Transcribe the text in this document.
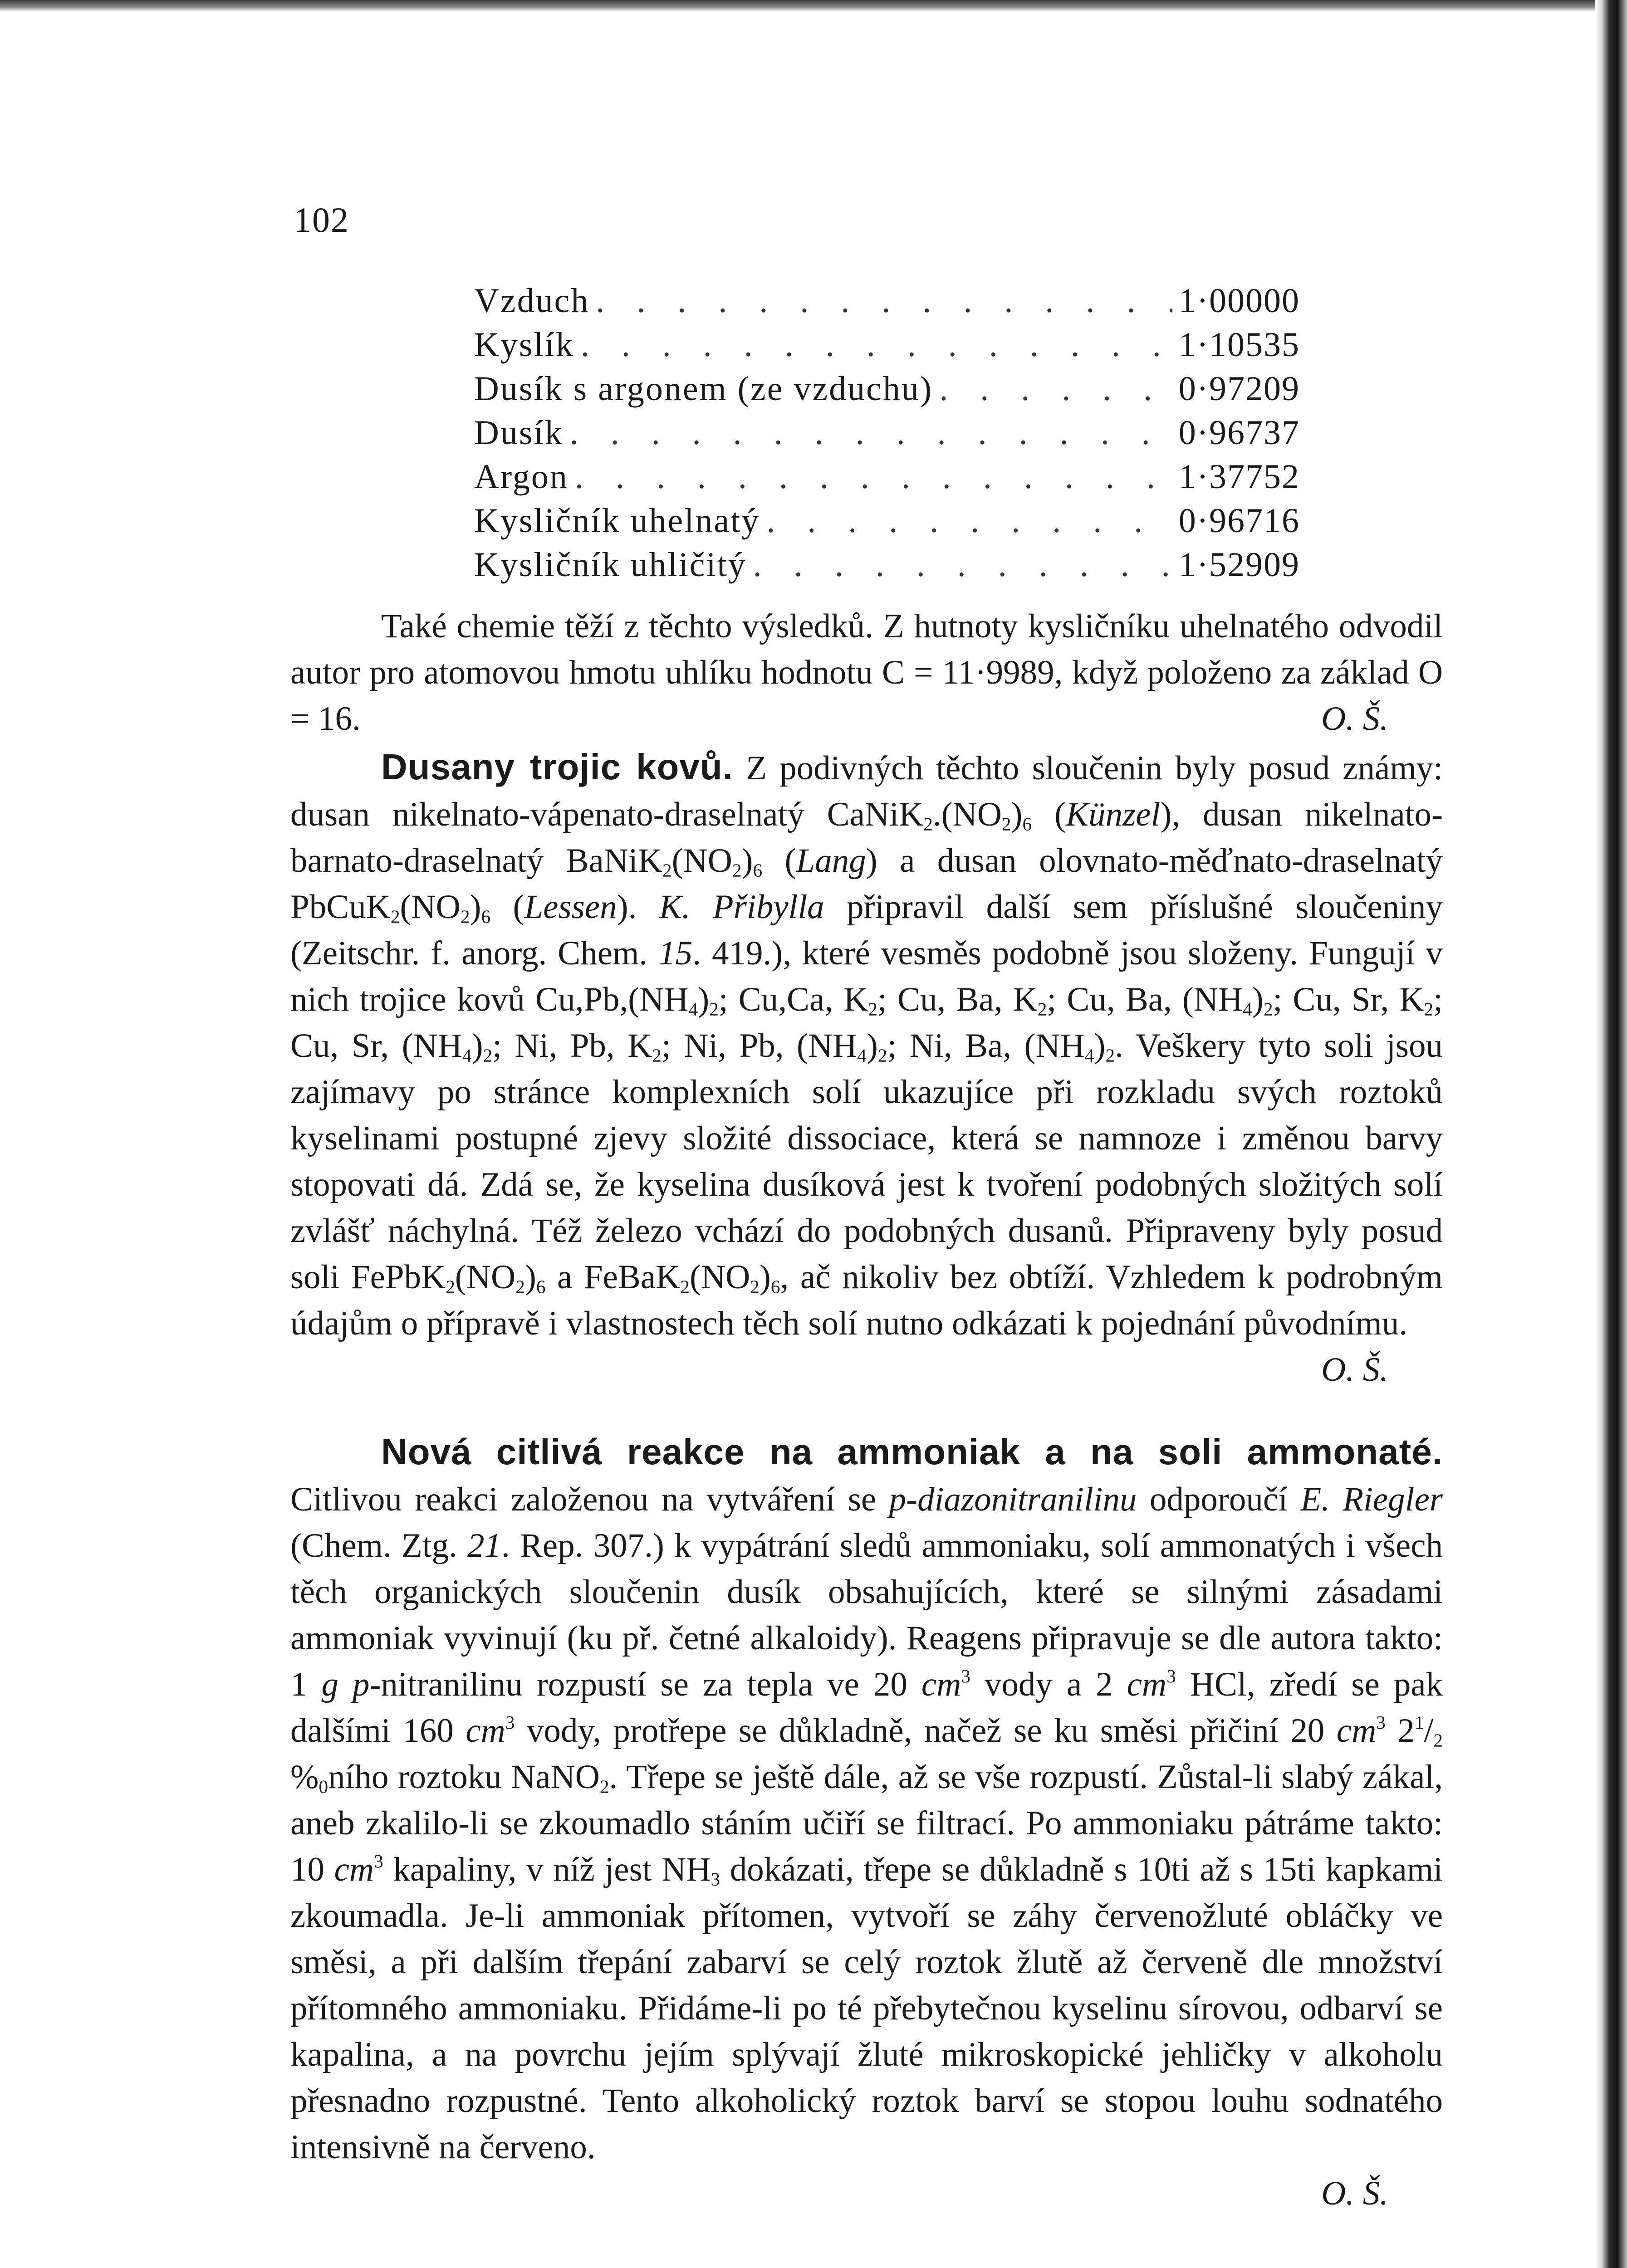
102
Vzduch . . .	1·00000
Kyslík . . .	1·10535
Dusík s argonem (ze vzduchu) . . .	0·97209
Dusík . . .	0·96737
Argon . . .	1·37752
Kysličník uhelnatý . . .	0·96716
Kysličník uhličitý . . .	1·52909

Také chemie těží z těchto výsledků. Z hutnoty kysličníku uhelnatého odvodil autor pro atomovou hmotu uhlíku hodnotu C = 11·9989, když položeno za základ O = 16.	O. Š.

Dusany trojic kovů. Z podivných těchto sloučenin byly posud známy: dusan nikelnato-vápenato-draselnatý $CaNiK_2.(NO_2)_6$ (Künzel), dusan nikelnato-barnato-draselnatý $BaNiK_2(NO_2)_6$ (Lang) a dusan olovnato-měďnato-draselnatý $PbCuK_2(NO_2)_6$ (Lessen). K. Přibylla připravil další sem příslušné sloučeniny (Zeitschr. f. anorg. Chem. 15. 419.), které vesměs podobně jsou složeny. Fungují v nich trojice kovů $Cu,Pb,(NH_4)_2$; Cu,Ca, $K_2$; Cu, Ba, $K_2$; Cu, Ba, $(NH_4)_2$; Cu, Sr, $K_2$; Cu, Sr, $(NH_4)_2$; Ni, Pb, $K_2$; Ni, Pb, $(NH_4)_2$; Ni, Ba, $(NH_4)_2$. Veškery tyto soli jsou zajímavy po stránce komplexních solí ukazujíce při rozkladu svých roztoků kyselinami postupné zjevy složité dissociace, která se namnoze i změnou barvy stopovati dá. Zdá se, že kyselina dusíková jest k tvoření podobných složitých solí zvlášť náchylná. Též železo vchází do podobných dusanů. Připraveny byly posud soli $FePbK_2(NO_2)_6$ a $FeBaK_2(NO_2)_6$, ač nikoliv bez obtíží. Vzhledem k podrobným údajům o přípravě i vlastnostech těch solí nutno odkázati k pojednání původnímu.
O. Š.

Nová citlivá reakce na ammoniak a na soli ammonaté. Citlivou reakci založenou na vytváření se p-diazonitranilinu odporoučí E. Riegler (Chem. Ztg. 21. Rep. 307.) k vypátrání sledů ammoniaku, solí ammonatých i všech těch organických sloučenin dusík obsahujících, které se silnými zásadami ammoniak vyvinují (ku př. četné alkaloidy). Reagens připravuje se dle autora takto: 1 g p-nitranilinu rozpustí se za tepla ve 20 $cm^3$ vody a 2 $cm^3$ HCl, zředí se pak dalšími 160 $cm^3$ vody, protřepe se důkladně, načež se ku směsi přičiní 20 $cm^3$ $2^1/_2$ $\%_0ního$ roztoku NaNO$_2$. Třepe se ještě dále, až se vše rozpustí. Zůstal-li slabý zákal, aneb zkalilo-li se zkoumadlo stáním učiří se filtrací. Po ammoniaku pátráme takto: 10 $cm^3$ kapaliny, v níž jest $NH_3$ dokázati, třepe se důkladně s 10ti až s 15ti kapkami zkoumadla. Je-li ammoniak přítomen, vytvoří se záhy červenožluté obláčky ve směsi, a při dalším třepání zabarví se celý roztok žlutě až červeně dle množství přítomného ammoniaku. Přidáme-li po té přebytečnou kyselinu sírovou, odbarví se kapalina, a na povrchu jejím splývají žluté mikroskopické jehličky v alkoholu přesnadno rozpustné. Tento alkoholický roztok barví se stopou louhu sodnatého intensivně na červeno.

O. Š.
